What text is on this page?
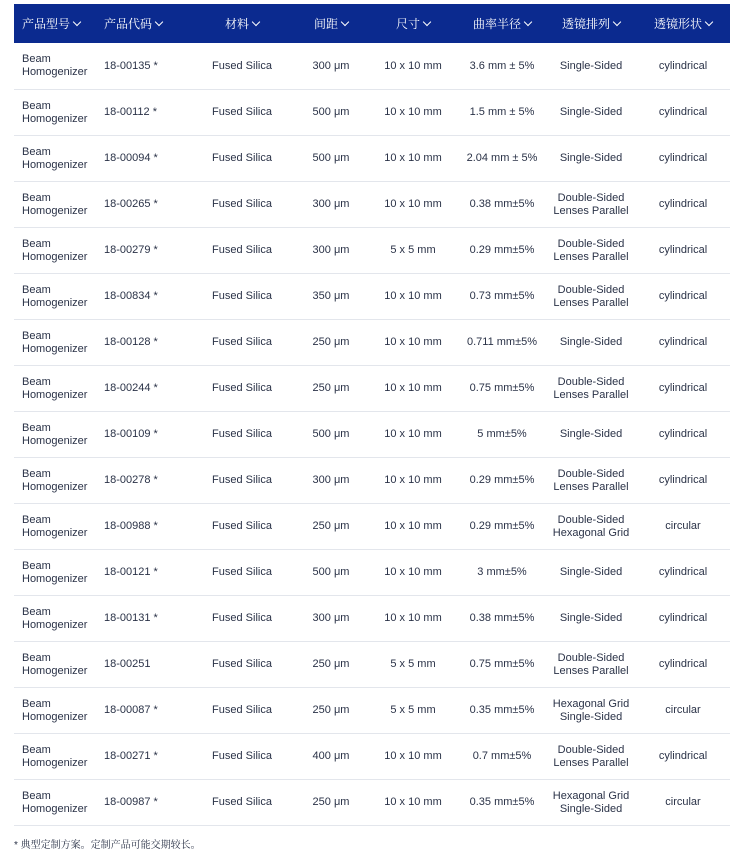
产品型号	产品代码	材料	间距	尺寸	曲率半径	透镜排列	透镜形状

Beam
Homogenizer	18-00135 *	Fused Silica	300 μm	10 x 10 mm	3.6 mm ± 5%	Single-Sided	cylindrical

Beam
Homogenizer	18-00112 *	Fused Silica	500 μm	10 x 10 mm	1.5 mm ± 5%	Single-Sided	cylindrical

Beam
Homogenizer	18-00094 *	Fused Silica	500 μm	10 x 10 mm	2.04 mm ± 5%	Single-Sided	cylindrical

Beam
Homogenizer	18-00265 *	Fused Silica	300 μm	10 x 10 mm	0.38 mm±5%	Double-Sided
Lenses Parallel	cylindrical

Beam
Homogenizer	18-00279 *	Fused Silica	300 μm	5 x 5 mm	0.29 mm±5%	Double-Sided
Lenses Parallel	cylindrical

Beam
Homogenizer	18-00834 *	Fused Silica	350 μm	10 x 10 mm	0.73 mm±5%	Double-Sided
Lenses Parallel	cylindrical

Beam
Homogenizer	18-00128 *	Fused Silica	250 μm	10 x 10 mm	0.711 mm±5%	Single-Sided	cylindrical

Beam
Homogenizer	18-00244 *	Fused Silica	250 μm	10 x 10 mm	0.75 mm±5%	Double-Sided
Lenses Parallel	cylindrical

Beam
Homogenizer	18-00109 *	Fused Silica	500 μm	10 x 10 mm	5 mm±5%	Single-Sided	cylindrical

Beam
Homogenizer	18-00278 *	Fused Silica	300 μm	10 x 10 mm	0.29 mm±5%	Double-Sided
Lenses Parallel	cylindrical

Beam
Homogenizer	18-00988 *	Fused Silica	250 μm	10 x 10 mm	0.29 mm±5%	Double-Sided
Hexagonal Grid	circular

Beam
Homogenizer	18-00121 *	Fused Silica	500 μm	10 x 10 mm	3 mm±5%	Single-Sided	cylindrical

Beam
Homogenizer	18-00131 *	Fused Silica	300 μm	10 x 10 mm	0.38 mm±5%	Single-Sided	cylindrical

Beam
Homogenizer	18-00251	Fused Silica	250 μm	5 x 5 mm	0.75 mm±5%	Double-Sided
Lenses Parallel	cylindrical

Beam
Homogenizer	18-00087 *	Fused Silica	250 μm	5 x 5 mm	0.35 mm±5%	Hexagonal Grid
Single-Sided	circular

Beam
Homogenizer	18-00271 *	Fused Silica	400 μm	10 x 10 mm	0.7 mm±5%	Double-Sided
Lenses Parallel	cylindrical

Beam
Homogenizer	18-00987 *	Fused Silica	250 μm	10 x 10 mm	0.35 mm±5%	Hexagonal Grid
Single-Sided	circular
* 典型定制方案。定制产品可能交期较长。
